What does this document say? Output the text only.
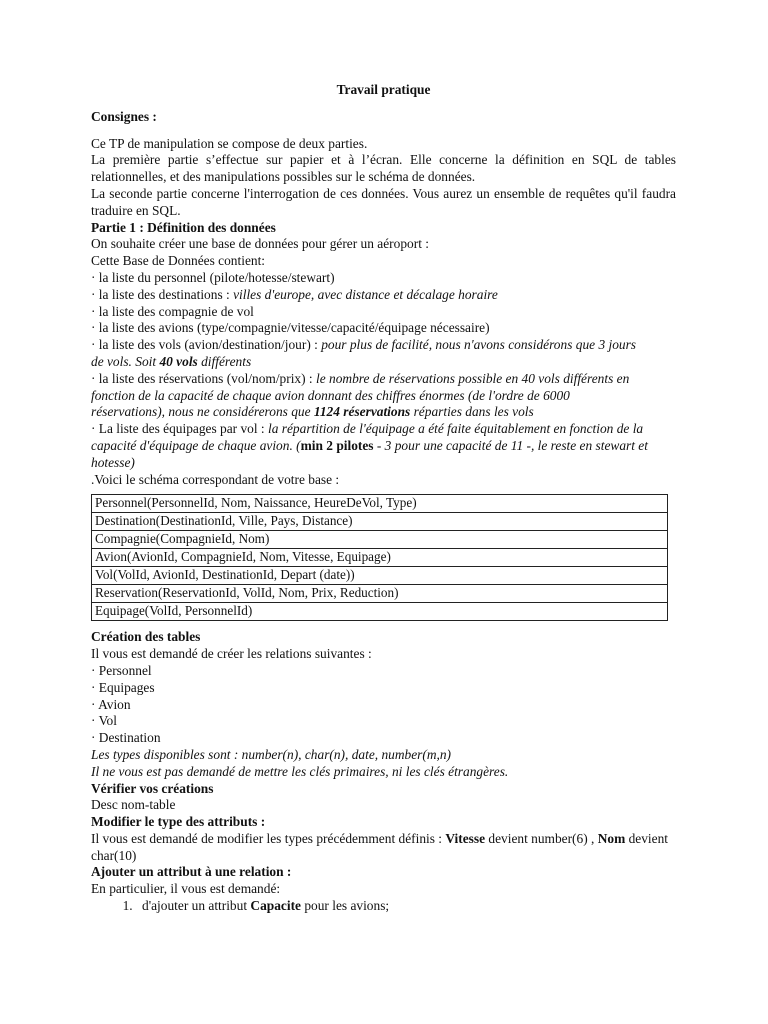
Travail pratique

Consignes :

Ce TP de manipulation se compose de deux parties.

La première partie s’effectue sur papier et à l’écran. Elle concerne la définition en SQL de tables relationnelles, et des manipulations possibles sur le schéma de données.

La seconde partie concerne l'interrogation de ces données. Vous aurez un ensemble de requêtes qu'il faudra traduire en SQL.

Partie 1 : Définition des données

On souhaite créer une base de données pour gérer un aéroport :

Cette Base de Données contient:

· la liste du personnel (pilote/hotesse/stewart)

· la liste des destinations : villes d'europe, avec distance et décalage horaire

· la liste des compagnie de vol

· la liste des avions (type/compagnie/vitesse/capacité/équipage nécessaire)

· la liste des vols (avion/destination/jour) : pour plus de facilité, nous n'avons considérons que 3 jours de vols. Soit 40 vols différents

· la liste des réservations (vol/nom/prix) : le nombre de réservations possible en 40 vols différents en fonction de la capacité de chaque avion donnant des chiffres énormes (de l'ordre de 6000 réservations), nous ne considérerons que 1124 réservations réparties dans les vols

· La liste des équipages par vol : la répartition de l'équipage a été faite équitablement en fonction de la capacité d'équipage de chaque avion. (min 2 pilotes - 3 pour une capacité de 11 -, le reste en stewart et hotesse)

.Voici le schéma correspondant de votre base :

Personnel(PersonnelId, Nom, Naissance, HeureDeVol, Type)
Destination(DestinationId, Ville, Pays, Distance)
Compagnie(CompagnieId, Nom)
Avion(AvionId, CompagnieId, Nom, Vitesse, Equipage)
Vol(VolId, AvionId, DestinationId, Depart (date))
Reservation(ReservationId, VolId, Nom, Prix, Reduction)
Equipage(VolId, PersonnelId)

Création des tables

Il vous est demandé de créer les relations suivantes :

· Personnel

· Equipages

· Avion

· Vol

· Destination

Les types disponibles sont : number(n), char(n), date, number(m,n)

Il ne vous est pas demandé de mettre les clés primaires, ni les clés étrangères.

Vérifier vos créations

Desc nom-table

Modifier le type des attributs :

Il vous est demandé de modifier les types précédemment définis : Vitesse devient number(6) , Nom devient char(10)

Ajouter un attribut à une relation :

En particulier, il vous est demandé:

1. d'ajouter un attribut Capacite pour les avions;
